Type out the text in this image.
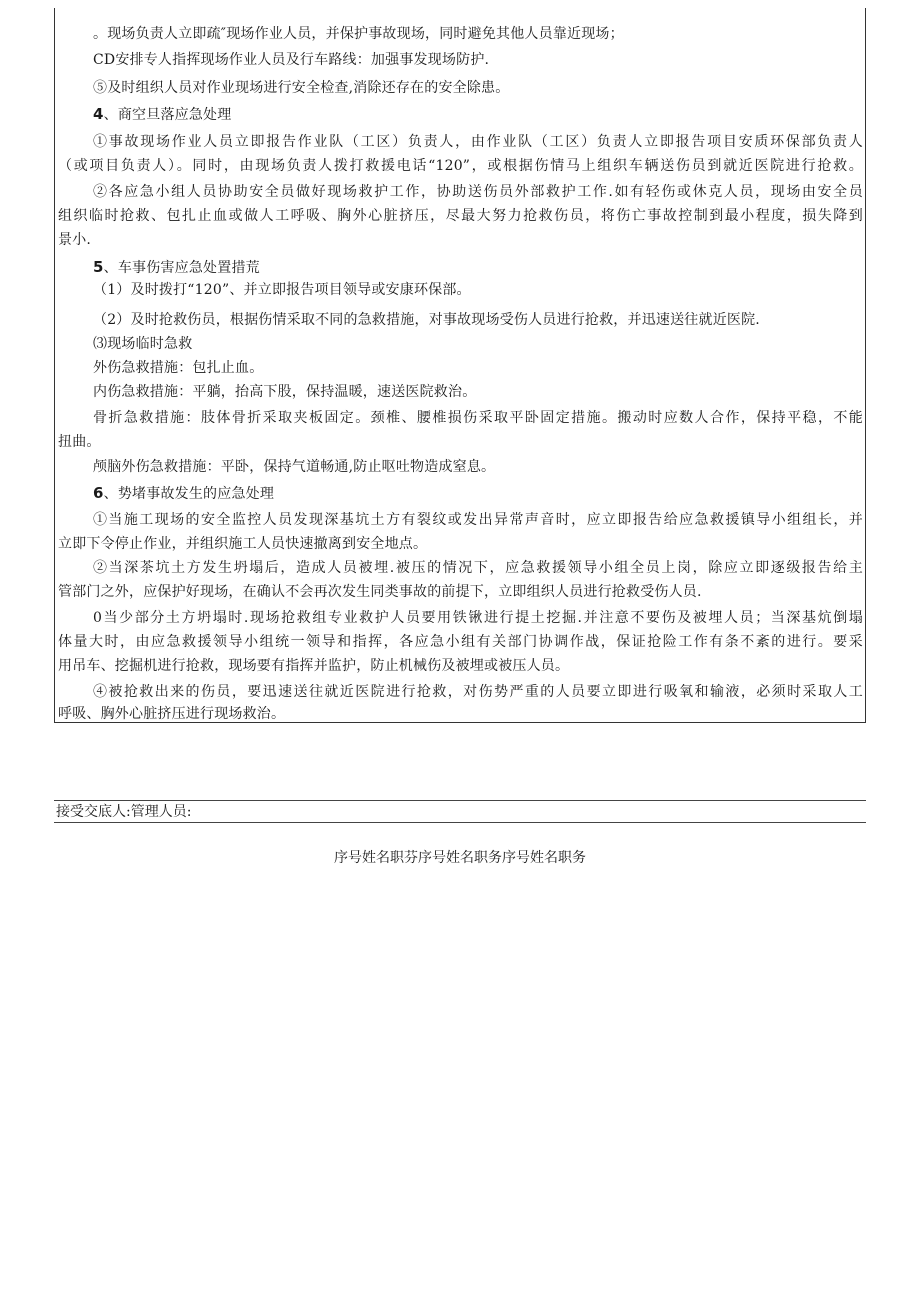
。现场负责人立即疏″现场作业人员，并保护事故现场，同时避免其他人员靠近现场；
CD安排专人指挥现场作业人员及行车路线：加强事发现场防护.
⑤及时组织人员对作业现场进行安全检查,消除还存在的安全除患。
4、商空旦落应急处理
①事故现场作业人员立即报告作业队（工区）负责人，由作业队（工区）负责人立即报告项目安质环保部负责人
（或项目负责人）。同时，由现场负责人拨打救援电话“120”，或根据伤情马上组织车辆送伤员到就近医院进行抢救。
②各应急小组人员协助安全员做好现场救护工作，协助送伤员外部救护工作.如有轻伤或休克人员，现场由安全员
组织临时抢救、包扎止血或做人工呼吸、胸外心脏挤压，尽最大努力抢救伤员，将伤亡事故控制到最小程度，损失降到
景小.
5、车事伤害应急处置措荒
（1）及时拨打“120”、并立即报告项目领导或安康环保部。
（2）及时抢救伤员，根据伤情采取不同的急救措施，对事故现场受伤人员进行抢救，并迅速送往就近医院.
⑶现场临时急救
外伤急救措施：包扎止血。
内伤急救措施：平躺，抬高下股，保持温暖，速送医院救治。
骨折急救措施：肢体骨折采取夹板固定。颈椎、腰椎损伤采取平卧固定措施。搬动时应数人合作，保持平稳，不能
扭曲。
颅脑外伤急救措施：平卧，保持气道畅通,防止呕吐物造成窒息。
6、势堵事故发生的应急处理
①当施工现场的安全监控人员发现深基坑土方有裂纹或发出异常声音时，应立即报告给应急救援镇导小组组长，并
立即下令停止作业，并组织施工人员快速撤离到安全地点。
②当深茶坑土方发生坍塌后，造成人员被埋.被压的情况下，应急救援领导小组全员上岗，除应立即逐级报告给主
管部门之外，应保护好现场，在确认不会再次发生同类事故的前提下，立即组织人员进行抢救受伤人员.
0当少部分土方坍塌时.现场抢救组专业救护人员要用铁锹进行提土挖掘.并注意不要伤及被埋人员；当深基炕倒塌
体量大时，由应急救援领导小组统一领导和指挥，各应急小组有关部门协调作战，保证抢险工作有条不紊的进行。要采
用吊车、挖掘机进行抢救，现场要有指挥并监护，防止机械伤及被埋或被压人员。
④被抢救出来的伤员，要迅速送往就近医院进行抢救，对伤势严重的人员要立即进行吸氧和输液，必须时采取人工
呼吸、胸外心脏挤压进行现场救治。
接受交底人:管理人员:
序号姓名职芬序号姓名职务序号姓名职务
